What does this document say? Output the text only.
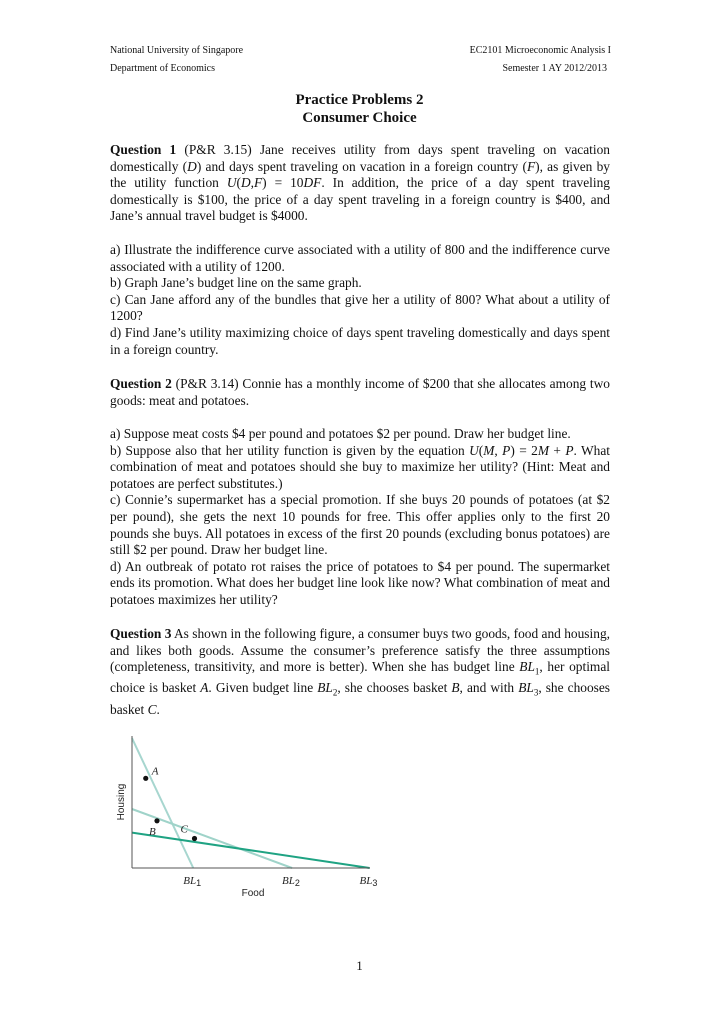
National University of Singapore
Department of Economics
EC2101 Microeconomic Analysis I
Semester 1 AY 2012/2013
Practice Problems 2
Consumer Choice

Question 1 (P&R 3.15) Jane receives utility from days spent traveling on vacation domestically (D) and days spent traveling on vacation in a foreign country (F), as given by the utility function U(D,F) = 10DF. In addition, the price of a day spent traveling domestically is $100, the price of a day spent traveling in a foreign country is $400, and Jane’s annual travel budget is $4000.

a) Illustrate the indifference curve associated with a utility of 800 and the indifference curve associated with a utility of 1200.

b) Graph Jane’s budget line on the same graph.

c) Can Jane afford any of the bundles that give her a utility of 800? What about a utility of 1200?

d) Find Jane’s utility maximizing choice of days spent traveling domestically and days spent in a foreign country.

Question 2 (P&R 3.14) Connie has a monthly income of $200 that she allocates among two goods: meat and potatoes.

a) Suppose meat costs $4 per pound and potatoes $2 per pound. Draw her budget line.

b) Suppose also that her utility function is given by the equation U(M, P) = 2M + P. What combination of meat and potatoes should she buy to maximize her utility? (Hint: Meat and potatoes are perfect substitutes.)

c) Connie’s supermarket has a special promotion. If she buys 20 pounds of potatoes (at $2 per pound), she gets the next 10 pounds for free. This offer applies only to the first 20 pounds she buys. All potatoes in excess of the first 20 pounds (excluding bonus potatoes) are still $2 per pound. Draw her budget line.

d) An outbreak of potato rot raises the price of potatoes to $4 per pound. The supermarket ends its promotion. What does her budget line look like now? What combination of meat and potatoes maximizes her utility?

Question 3 As shown in the following figure, a consumer buys two goods, food and housing, and likes both goods. Assume the consumer’s preference satisfy the three assumptions (completeness, transitivity, and more is better). When she has budget line $BL_1$, her optimal choice is basket A. Given budget line $BL_2$, she chooses basket B, and with $BL_3$, she chooses basket C.

A
B C
BL1	BL2	BL3
Food
Housing
1
